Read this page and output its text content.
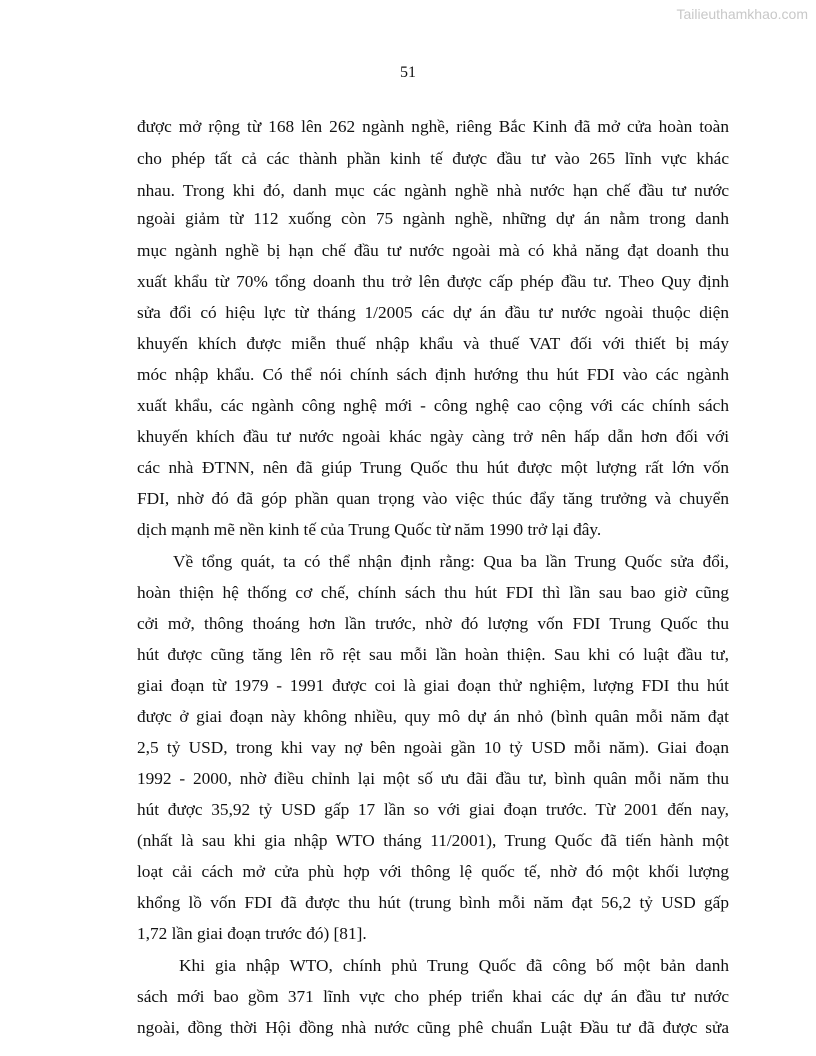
Tailieuthamkhao.com
51
được mở rộng từ 168 lên 262 ngành nghề, riêng Bắc Kinh đã mở cửa hoàn toàn
cho phép tất cả các thành phần kinh tế được đầu tư vào 265 lĩnh vực khác
nhau. Trong khi đó, danh mục các ngành nghề nhà nước hạn chế đầu tư nước
ngoài giảm từ 112 xuống còn 75 ngành nghề, những dự án nằm trong danh
mục ngành nghề bị hạn chế đầu tư nước ngoài mà có khả năng đạt doanh thu
xuất khẩu từ 70% tổng doanh thu trở lên được cấp phép đầu tư. Theo Quy định
sửa đổi có hiệu lực từ tháng 1/2005 các dự án đầu tư nước ngoài thuộc diện
khuyến khích được miễn thuế nhập khẩu và thuế VAT đối với thiết bị máy
móc nhập khẩu. Có thể nói chính sách định hướng thu hút FDI vào các ngành
xuất khẩu, các ngành công nghệ mới - công nghệ cao cộng với các chính sách
khuyến khích đầu tư nước ngoài khác ngày càng trở nên hấp dẫn hơn đối với
các nhà ĐTNN, nên đã giúp Trung Quốc thu hút được một lượng rất lớn vốn
FDI, nhờ đó đã góp phần quan trọng vào việc thúc đẩy tăng trưởng và chuyển
dịch mạnh mẽ nền kinh tế của Trung Quốc từ năm 1990 trở lại đây.
Về tổng quát, ta có thể nhận định rằng: Qua ba lần Trung Quốc sửa đổi,
hoàn thiện hệ thống cơ chế, chính sách thu hút FDI thì lần sau bao giờ cũng
cởi mở, thông thoáng hơn lần trước, nhờ đó lượng vốn FDI Trung Quốc thu
hút được cũng tăng lên rõ rệt sau mỗi lần hoàn thiện. Sau khi có luật đầu tư,
giai đoạn từ 1979 - 1991 được coi là giai đoạn thử nghiệm, lượng FDI thu hút
được ở giai đoạn này không nhiều, quy mô dự án nhỏ (bình quân mỗi năm đạt
2,5 tỷ USD, trong khi vay nợ bên ngoài gần 10 tỷ USD mỗi năm). Giai đoạn
1992 - 2000, nhờ điều chỉnh lại một số ưu đãi đầu tư, bình quân mỗi năm thu
hút được 35,92 tỷ USD gấp 17 lần so với giai đoạn trước. Từ 2001 đến nay,
(nhất là sau khi gia nhập WTO tháng 11/2001), Trung Quốc đã tiến hành một
loạt cải cách mở cửa phù hợp với thông lệ quốc tế, nhờ đó một khối lượng
khổng lồ vốn FDI đã được thu hút (trung bình mỗi năm đạt 56,2 tỷ USD gấp
1,72 lần giai đoạn trước đó) [81].
Khi gia nhập WTO, chính phủ Trung Quốc đã công bố một bản danh
sách mới bao gồm 371 lĩnh vực cho phép triển khai các dự án đầu tư nước
ngoài, đồng thời Hội đồng nhà nước cũng phê chuẩn Luật Đầu tư đã được sửa
